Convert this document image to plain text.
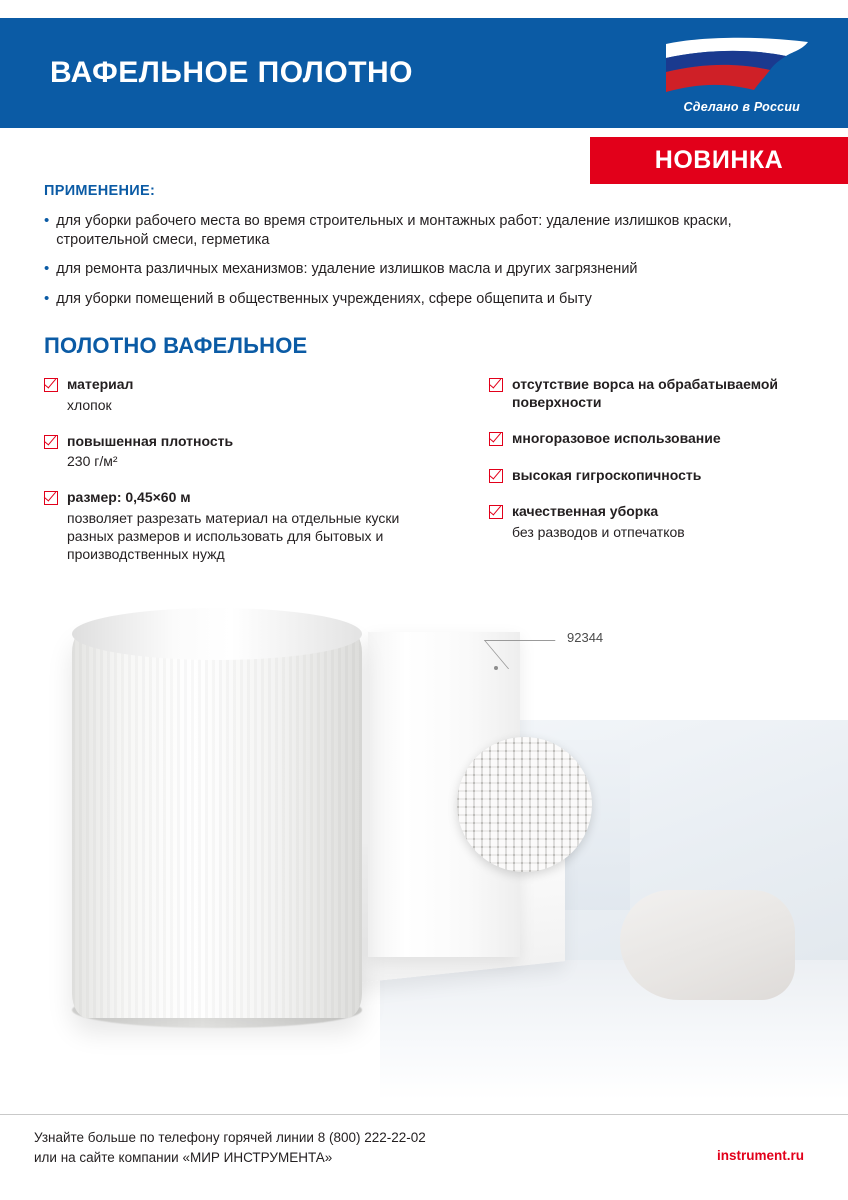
ВАФЕЛЬНОЕ ПОЛОТНО
Сделано в России
НОВИНКА
ПРИМЕНЕНИЕ:
• для уборки рабочего места во время строительных и монтажных работ: удаление излишков краски, строительной смеси, герметика
• для ремонта различных механизмов: удаление излишков масла и других загрязнений
• для уборки помещений в общественных учреждениях, сфере общепита и быту
ПОЛОТНО ВАФЕЛЬНОЕ
материал
хлопок
повышенная плотность
230 г/м²
размер: 0,45×60 м
позволяет разрезать материал на отдельные куски разных размеров и использовать для бытовых и производственных нужд
отсутствие ворса на обрабатываемой поверхности
многоразовое использование
высокая гигроскопичность
качественная уборка
без разводов и отпечатков
92344
Узнайте больше по телефону горячей линии 8 (800) 222-22-02
или на сайте компании «МИР ИНСТРУМЕНТА»	instrument.ru
